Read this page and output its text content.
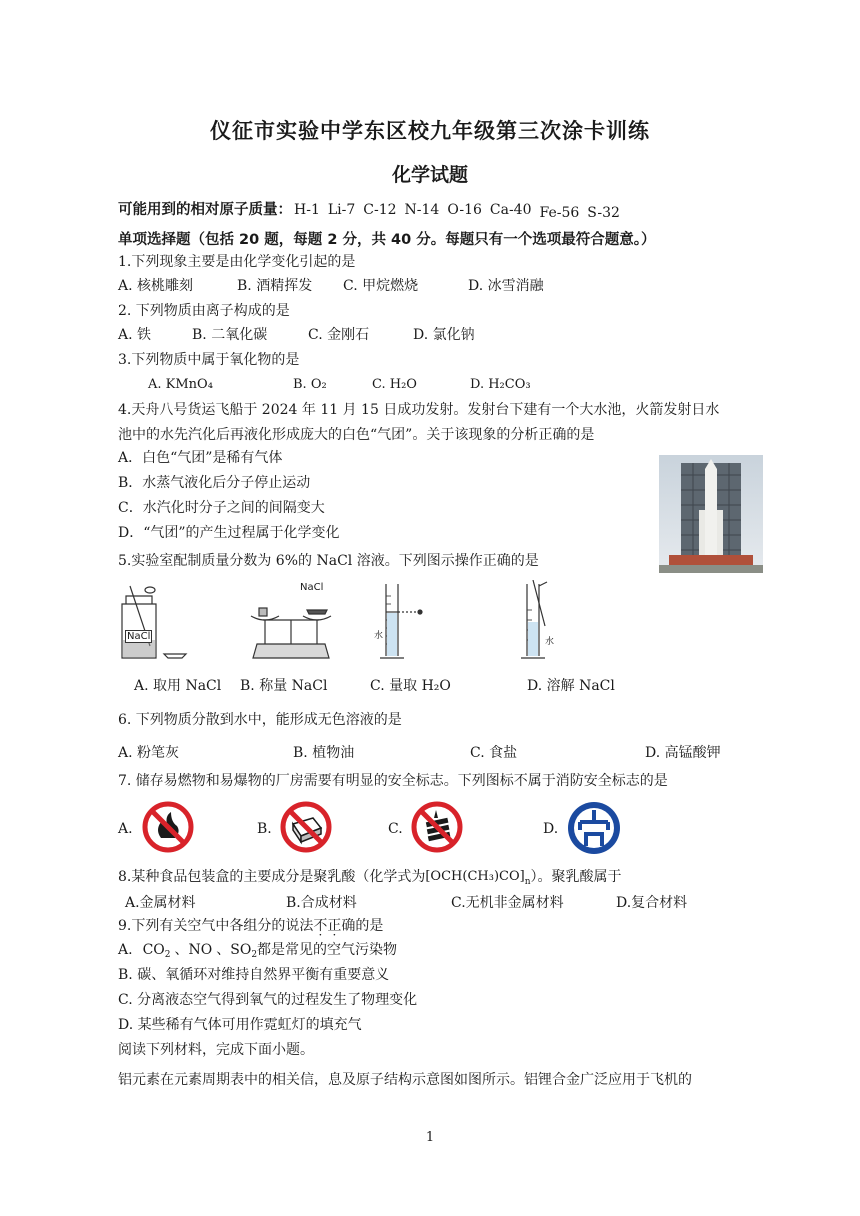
仪征市实验中学东区校九年级第三次涂卡训练
化学试题
可能用到的相对原子质量： H-1 Li-7 C-12 N-14 O-16 Ca-40 Fe-56 S-32
单项选择题（包括 20 题，每题 2 分，共 40 分。每题只有一个选项最符合题意。）
1.下列现象主要是由化学变化引起的是
A. 核桃雕刻	B. 酒精挥发 C. 甲烷燃烧	D. 冰雪消融
2. 下列物质由离子构成的是
A. 铁	B. 二氧化碳	C. 金刚石	D. 氯化钠
3.下列物质中属于氧化物的是
A. KMnO₄	B. O₂	C. H₂O	D. H₂CO₃
4.天舟八号货运飞船于 2024 年 11 月 15 日成功发射。发射台下建有一个大水池，火箭发射日水
池中的水先汽化后再液化形成庞大的白色“气团”。关于该现象的分析正确的是
A．白色“气团”是稀有气体
B．水蒸气液化后分子停止运动
C．水汽化时分子之间的间隔变大
D．“气团”的产生过程属于化学变化
5.实验室配制质量分数为 6%的 NaCl 溶液。下列图示操作正确的是
NaCl
NaCl
水
水
A. 取用 NaCl B. 称量 NaCl	C. 量取 H₂O	D. 溶解 NaCl
6. 下列物质分散到水中，能形成无色溶液的是
A. 粉笔灰	B. 植物油	C. 食盐	D. 高锰酸钾
7. 储存易燃物和易爆物的厂房需要有明显的安全标志。下列图标不属于消防安全标志的是
A.	B.	C.	D.
8.某种食品包装盒的主要成分是聚乳酸（化学式为 [OCH(CH₃)CO] n ）。聚乳酸属于
A.金属材料	B.合成材料	C.无机非金属材料	D.复合材料
9.下列有关空气中各组分的说法 不 · 正 · 确的是
A. CO 2 、 NO 、 SO 2 都是常见的空气污染物
B. 碳、氧循环对维持自然界平衡有重要意义
C. 分离液态空气得到氧气的过程发生了物理变化
D. 某些稀有气体可用作霓虹灯的填充气
阅读下列材料，完成下面小题。
铝元素在元素周期表中的相关信，息及原子结构示意图如图所示。铝锂合金广泛应用于飞机的
1
